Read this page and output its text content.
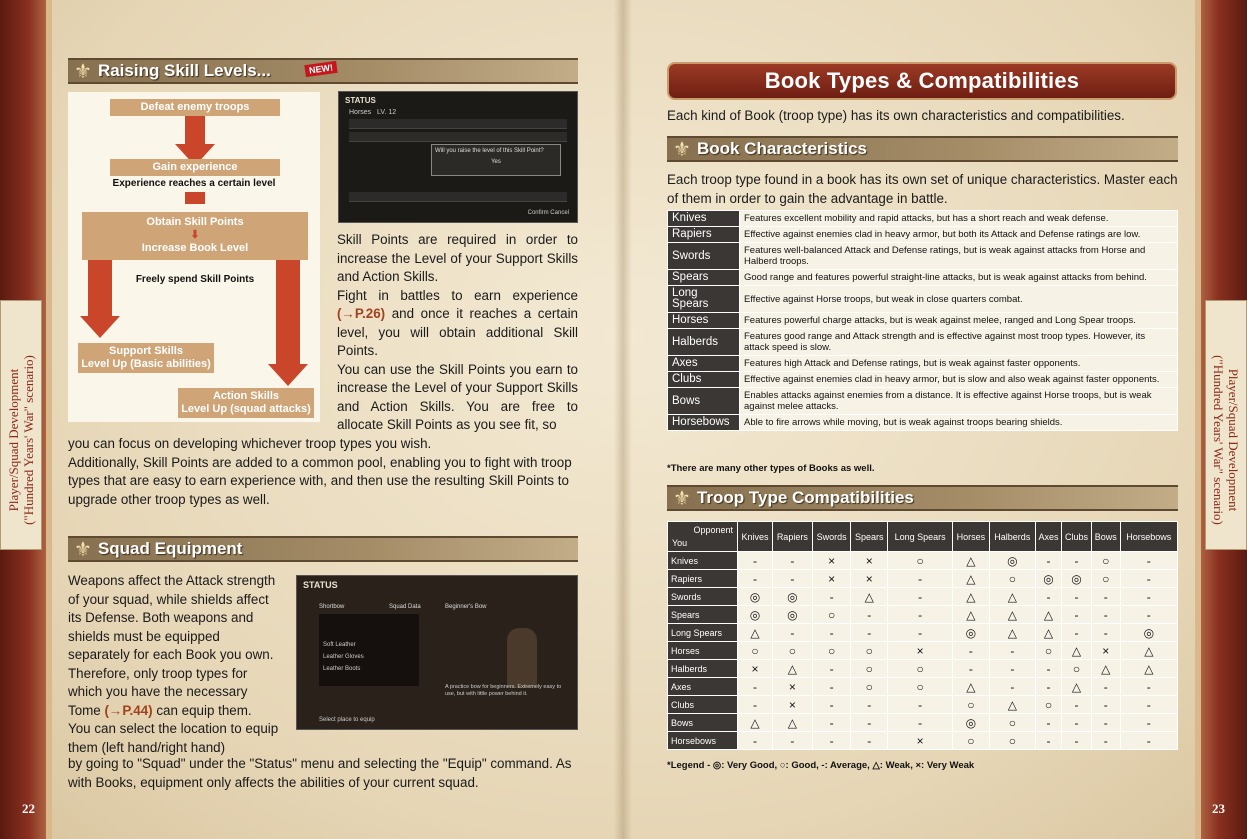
Player/Squad Development ("Hundred Years' War" scenario)	Player/Squad Development
("Hundred Years' War" scenario)
22	23
⚜ Raising Skill Levels...	NEW!
Defeat enemy troops
Gain experience
Experience reaches a certain level
Obtain Skill Points
⬇
Increase Book Level
Freely spend Skill Points
Support Skills
Level Up (Basic abilities)
Action Skills
Level Up (squad attacks)
STATUS
Horses LV. 12
Will you raise the level of this Skill Point?
Yes
Confirm Cancel
Skill Points are required in order to increase the Level of your Support Skills and Action Skills.
Fight in battles to earn experience (→P.26) and once it reaches a certain level, you will obtain additional Skill Points.
You can use the Skill Points you earn to increase the Level of your Support Skills and Action Skills. You are free to allocate Skill Points as you see fit, so
you can focus on developing whichever troop types you wish.
Additionally, Skill Points are added to a common pool, enabling you to fight with troop types that are easy to earn experience with, and then use the resulting Skill Points to upgrade other troop types as well.
⚜ Squad Equipment
Weapons affect the Attack strength of your squad, while shields affect its Defense. Both weapons and shields must be equipped separately for each Book you own. Therefore, only troop types for which you have the necessary Tome (→P.44) can equip them.
You can select the location to equip them (left hand/right hand)
STATUS
Shortbow	Squad Data	Beginner's Bow
Soft Leather
Leather Gloves
Leather Boots
A practice bow for beginners. Extremely easy to use, but with little power behind it.
Select place to equip
by going to "Squad" under the "Status" menu and selecting the "Equip" command. As with Books, equipment only affects the abilities of your current squad.
Book Types & Compatibilities
Each kind of Book (troop type) has its own characteristics and compatibilities.
⚜ Book Characteristics
Each troop type found in a book has its own set of unique characteristics. Master each of them in order to gain the advantage in battle.
Knives	Features excellent mobility and rapid attacks, but has a short reach and weak defense.
Rapiers	Effective against enemies clad in heavy armor, but both its Attack and Defense ratings are low.
Swords	Features well-balanced Attack and Defense ratings, but is weak against attacks from Horse and Halberd troops.
Spears	Good range and features powerful straight-line attacks, but is weak against attacks from behind.
Long Spears	Effective against Horse troops, but weak in close quarters combat.
Horses	Features powerful charge attacks, but is weak against melee, ranged and Long Spear troops.
Halberds	Features good range and Attack strength and is effective against most troop types. However, its attack speed is slow.
Axes	Features high Attack and Defense ratings, but is weak against faster opponents.
Clubs	Effective against enemies clad in heavy armor, but is slow and also weak against faster opponents.
Bows	Enables attacks against enemies from a distance. It is effective against Horse troops, but is weak against melee attacks.
Horsebows	Able to fire arrows while moving, but is weak against troops bearing shields.
*There are many other types of Books as well.
⚜ Troop Type Compatibilities
Opponent
You	Knives	Rapiers	Swords	Spears	Long Spears	Horses	Halberds	Axes	Clubs	Bows	Horsebows
Knives	-	-	×	×	○	△	◎	-	-	○	-
Rapiers	-	-	×	×	-	△	○	◎	◎	○	-
Swords	◎	◎	-	△	-	△	△	-	-	-	-
Spears	◎	◎	○	-	-	△	△	△	-	-	-
Long Spears	△	-	-	-	-	◎	△	△	-	-	◎
Horses	○	○	○	○	×	-	-	○	△	×	△
Halberds	×	△	-	○	○	-	-	-	○	△	△
Axes	-	×	-	○	○	△	-	-	△	-	-
Clubs	-	×	-	-	-	○	△	○	-	-	-
Bows	△	△	-	-	-	◎	○	-	-	-	-
Horsebows	-	-	-	-	×	○	○	-	-	-	-
*Legend - ◎: Very Good, ○: Good, -: Average, △: Weak, ×: Very Weak
